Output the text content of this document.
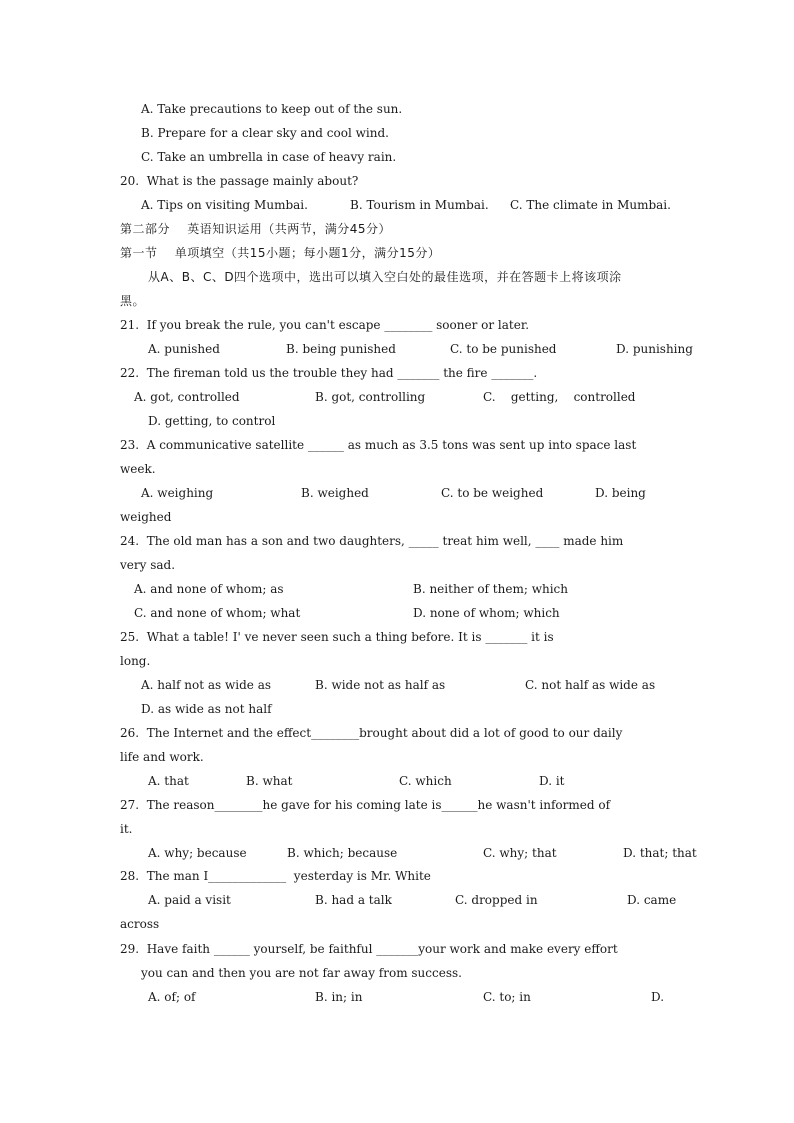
A. Take precautions to keep out of the sun.
B. Prepare for a clear sky and cool wind.
C. Take an umbrella in case of heavy rain.
20.  What is the passage mainly about?
A. Tips on visiting Mumbai.	B. Tourism in Mumbai. C. The climate in Mumbai.
第二部分    英语知识运用（共两节，满分45分）
第一节    单项填空（共15小题；每小题1分，满分15分）
从A、B、C、D四个选项中，选出可以填入空白处的最佳选项，并在答题卡上将该项涂
黑。
21.  If you break the rule, you can't escape ________ sooner or later.
A. punished	B. being punished	C. to be punished	D. punishing
22.  The fireman told us the trouble they had _______ the fire _______.
A. got, controlled	B. got, controlling	C.    getting,    controlled
D. getting, to control
23.  A communicative satellite ______ as much as 3.5 tons was sent up into space last
week.
A. weighing	B. weighed	C. to be weighed	D. being
weighed
24.  The old man has a son and two daughters, _____ treat him well, ____ made him
very sad.
A. and none of whom; as	B. neither of them; which
C. and none of whom; what	D. none of whom; which
25.  What a table! I' ve never seen such a thing before. It is _______ it is
long.
A. half not as wide as	B. wide not as half as	C. not half as wide as
D. as wide as not half
26.  The Internet and the effect________brought about did a lot of good to our daily
life and work.
A. that	B. what	C. which	D. it
27.  The reason________he gave for his coming late is______he wasn't informed of
it.
A. why; because	B. which; because	C. why; that	D. that; that
28.  The man I_____________  yesterday is Mr. White
A. paid a visit	B. had a talk	C. dropped in	D. came
across
29.  Have faith ______ yourself, be faithful _______your work and make every effort
you can and then you are not far away from success.
A. of; of	B. in; in	C. to; in	D.
